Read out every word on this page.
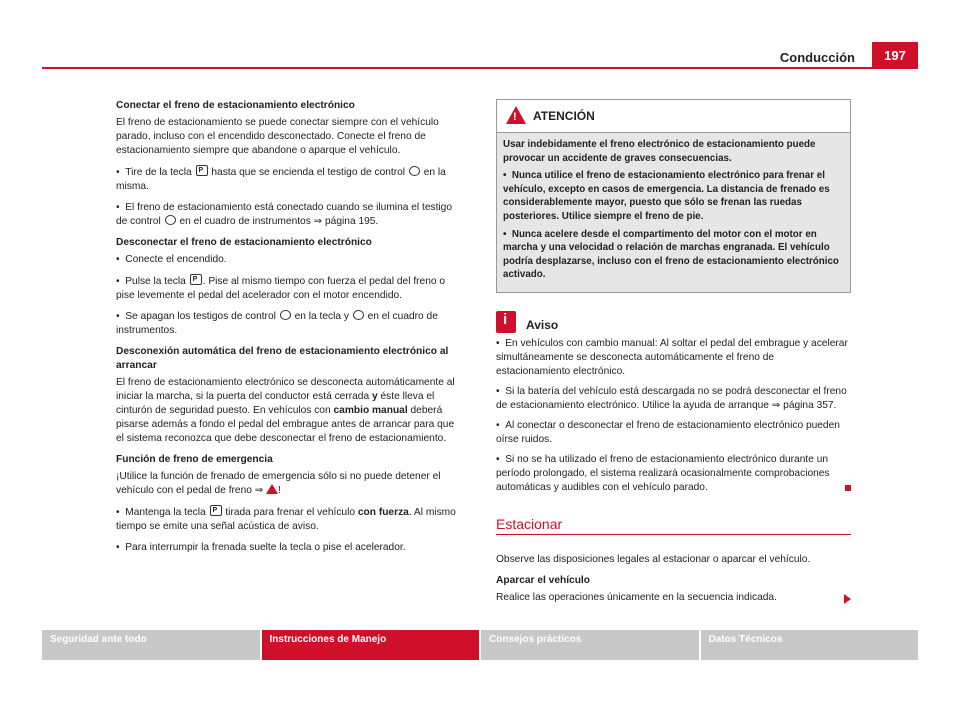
Conducción	197

Conectar el freno de estacionamiento electrónico

El freno de estacionamiento se puede conectar siempre con el vehículo parado, incluso con el encendido desconectado. Conecte el freno de estacionamiento siempre que abandone o aparque el vehículo.

•  Tire de la tecla P hasta que se encienda el testigo de control en la misma.

•  El freno de estacionamiento está conectado cuando se ilumina el testigo de control en el cuadro de instrumentos ⇒ página 195.

Desconectar el freno de estacionamiento electrónico

•  Conecte el encendido.

•  Pulse la tecla P . Pise al mismo tiempo con fuerza el pedal del freno o pise levemente el pedal del acelerador con el motor encendido.

•  Se apagan los testigos de control en la tecla y en el cuadro de instrumentos.

Desconexión automática del freno de estacionamiento electrónico al arrancar

El freno de estacionamiento electrónico se desconecta automáticamente al iniciar la marcha, si la puerta del conductor está cerrada y éste lleva el cinturón de seguridad puesto. En vehículos con cambio manual deberá pisarse además a fondo el pedal del embrague antes de arrancar para que el sistema reconozca que debe desconectar el freno de estacionamiento.

Función de freno de emergencia

¡Utilice la función de frenado de emergencia sólo si no puede detener el vehículo con el pedal de freno ⇒ !

•  Mantenga la tecla P tirada para frenar el vehículo con fuerza. Al mismo tiempo se emite una señal acústica de aviso.

•  Para interrumpir la frenada suelte la tecla o pise el acelerador.

!
ATENCIÓN

Usar indebidamente el freno electrónico de estacionamiento puede provocar un accidente de graves consecuencias.

•  Nunca utilice el freno de estacionamiento electrónico para frenar el vehículo, excepto en casos de emergencia. La distancia de frenado es considerablemente mayor, puesto que sólo se frenan las ruedas posteriores. Utilice siempre el freno de pie.

•  Nunca acelere desde el compartimento del motor con el motor en marcha y una velocidad o relación de marchas engranada. El vehículo podría desplazarse, incluso con el freno de estacionamiento electrónico activado.

i
Aviso

•  En vehículos con cambio manual: Al soltar el pedal del embrague y acelerar simultáneamente se desconecta automáticamente el freno de estacionamiento electrónico.

•  Si la batería del vehículo está descargada no se podrá desconectar el freno de estacionamiento electrónico. Utilice la ayuda de arranque ⇒ página 357.

•  Al conectar o desconectar el freno de estacionamiento electrónico pueden oírse ruidos.

•  Si no se ha utilizado el freno de estacionamiento electrónico durante un período prolongado, el sistema realizará ocasionalmente comprobaciones automáticas y audibles con el vehículo parado.

Estacionar

Observe las disposiciones legales al estacionar o aparcar el vehículo.

Aparcar el vehículo

Realice las operaciones únicamente en la secuencia indicada.

Seguridad ante todo	Instrucciones de Manejo	Consejos prácticos	Datos Técnicos
